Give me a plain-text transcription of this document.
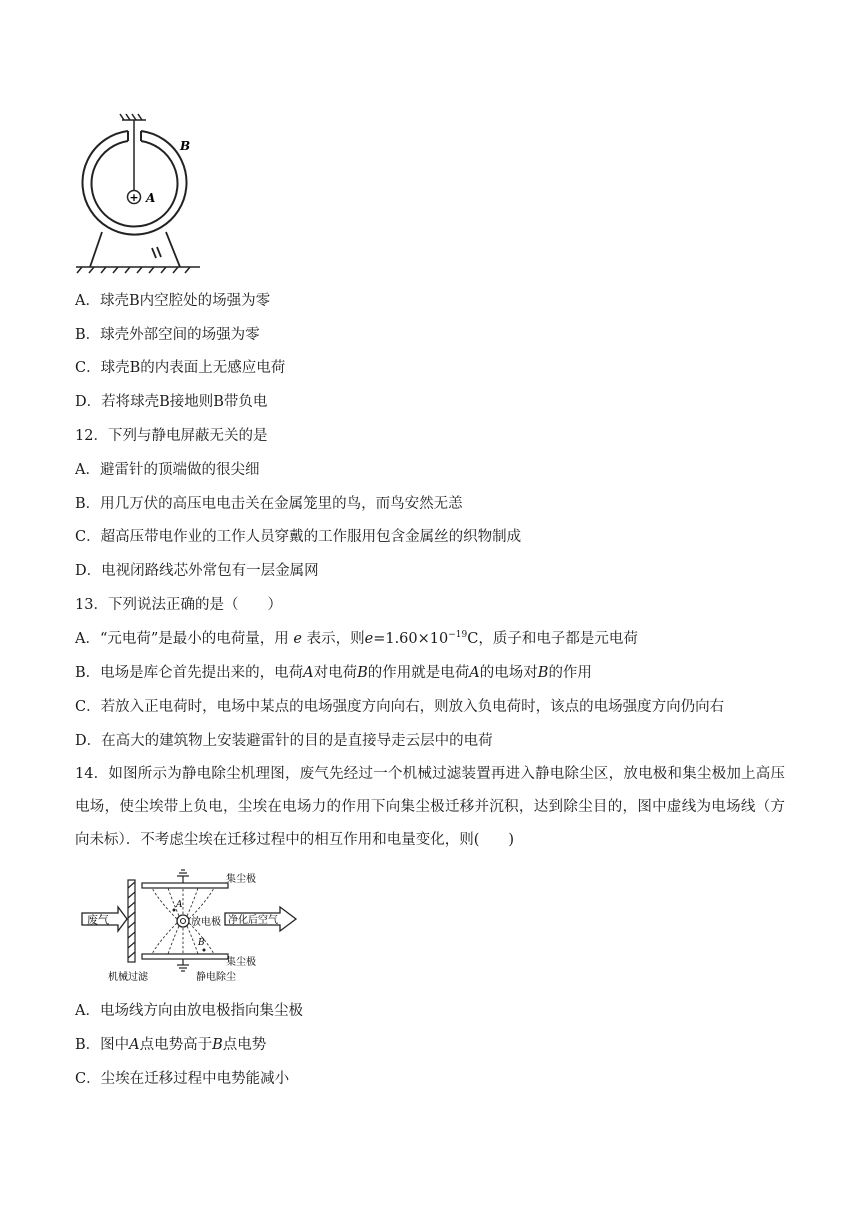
+ A
B
A．球壳B内空腔处的场强为零
B．球壳外部空间的场强为零
C．球壳B的内表面上无感应电荷
D．若将球壳B接地则B带负电
12．下列与静电屏蔽无关的是
A．避雷针的顶端做的很尖细
B．用几万伏的高压电电击关在金属笼里的鸟，而鸟安然无恙
C．超高压带电作业的工作人员穿戴的工作服用包含金属丝的织物制成
D．电视闭路线芯外常包有一层金属网
13．下列说法正确的是（　　）
A．“元电荷”是最小的电荷量，用 e 表示，则$e=1.60\times 10^{-19}C$，质子和电子都是元电荷
B．电场是库仑首先提出来的，电荷A对电荷B的作用就是电荷A的电场对B的作用
C．若放入正电荷时，电场中某点的电场强度方向向右，则放入负电荷时，该点的电场强度方向仍向右
D．在高大的建筑物上安装避雷针的目的是直接导走云层中的电荷
14．如图所示为静电除尘机理图，废气先经过一个机械过滤装置再进入静电除尘区，放电极和集尘极加上高压电场，使尘埃带上负电，尘埃在电场力的作用下向集尘极迁移并沉积，达到除尘目的，图中虚线为电场线（方向未标）．不考虑尘埃在迁移过程中的相互作用和电量变化，则(　　)
废气
A
B
集尘极
集尘极
放电极 净化后空气
机械过滤	静电除尘
A．电场线方向由放电极指向集尘极
B．图中A点电势高于B点电势
C．尘埃在迁移过程中电势能减小
